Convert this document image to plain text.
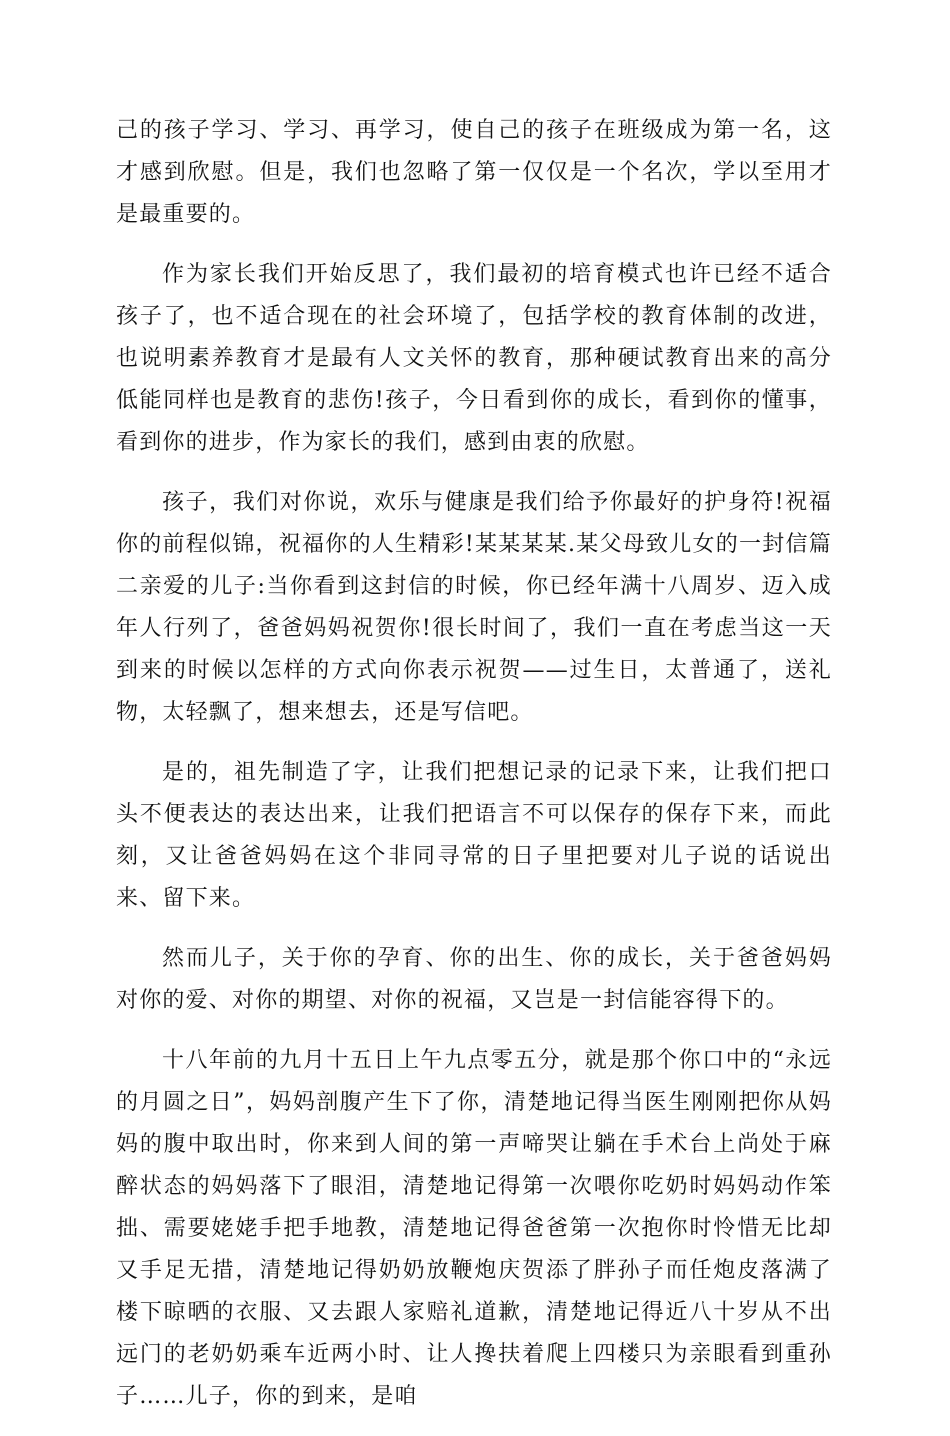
己的孩子学习、学习、再学习，使自己的孩子在班级成为第一名，这才感到欣慰。但是，我们也忽略了第一仅仅是一个名次，学以至用才是最重要的。

作为家长我们开始反思了，我们最初的培育模式也许已经不适合孩子了，也不适合现在的社会环境了，包括学校的教育体制的改进，也说明素养教育才是最有人文关怀的教育，那种硬试教育出来的高分低能同样也是教育的悲伤!孩子，今日看到你的成长，看到你的懂事，看到你的进步，作为家长的我们，感到由衷的欣慰。

孩子，我们对你说，欢乐与健康是我们给予你最好的护身符!祝福你的前程似锦，祝福你的人生精彩!某某某某.某父母致儿女的一封信篇二亲爱的儿子:当你看到这封信的时候，你已经年满十八周岁、迈入成年人行列了，爸爸妈妈祝贺你!很长时间了，我们一直在考虑当这一天到来的时候以怎样的方式向你表示祝贺——过生日，太普通了，送礼物，太轻飘了，想来想去，还是写信吧。

是的，祖先制造了字，让我们把想记录的记录下来，让我们把口头不便表达的表达出来，让我们把语言不可以保存的保存下来，而此刻，又让爸爸妈妈在这个非同寻常的日子里把要对儿子说的话说出来、留下来。

然而儿子，关于你的孕育、你的出生、你的成长，关于爸爸妈妈对你的爱、对你的期望、对你的祝福，又岂是一封信能容得下的。

十八年前的九月十五日上午九点零五分，就是那个你口中的“永远的月圆之日”，妈妈剖腹产生下了你，清楚地记得当医生刚刚把你从妈妈的腹中取出时，你来到人间的第一声啼哭让躺在手术台上尚处于麻醉状态的妈妈落下了眼泪，清楚地记得第一次喂你吃奶时妈妈动作笨拙、需要姥姥手把手地教，清楚地记得爸爸第一次抱你时怜惜无比却又手足无措，清楚地记得奶奶放鞭炮庆贺添了胖孙子而任炮皮落满了楼下晾晒的衣服、又去跟人家赔礼道歉，清楚地记得近八十岁从不出远门的老奶奶乘车近两小时、让人搀扶着爬上四楼只为亲眼看到重孙子……儿子，你的到来，是咱
